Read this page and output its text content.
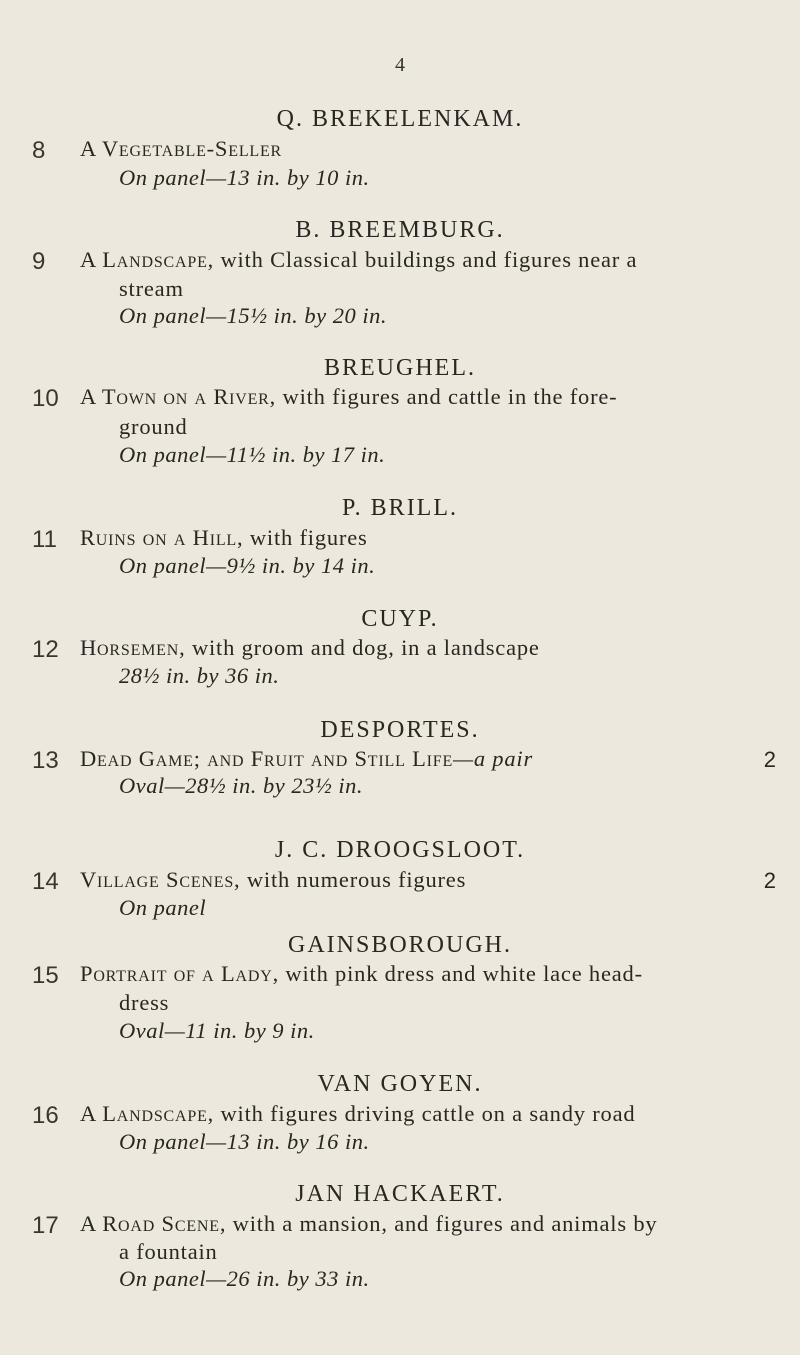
4
Q. BREKELENKAM.
8	A Vegetable-Seller
On panel—13 in. by 10 in.
B. BREEMBURG.
9	A Landscape, with Classical buildings and figures near a
stream
On panel—15½ in. by 20 in.
BREUGHEL.
10 A Town on a River, with figures and cattle in the fore-
ground
On panel—11½ in. by 17 in.
P. BRILL.
11	Ruins on a Hill, with figures
On panel—9½ in. by 14 in.
CUYP.
12 Horsemen, with groom and dog, in a landscape
28½ in. by 36 in.
DESPORTES.
13 Dead Game; and Fruit and Still Life—a pair	2
Oval—28½ in. by 23½ in.
J. C. DROOGSLOOT.
14 Village Scenes, with numerous figures	2
On panel
GAINSBOROUGH.
15 Portrait of a Lady, with pink dress and white lace head-
dress
Oval—11 in. by 9 in.
VAN GOYEN.
16 A Landscape, with figures driving cattle on a sandy road
On panel—13 in. by 16 in.
JAN HACKAERT.
17 A Road Scene, with a mansion, and figures and animals by
a fountain
On panel—26 in. by 33 in.
